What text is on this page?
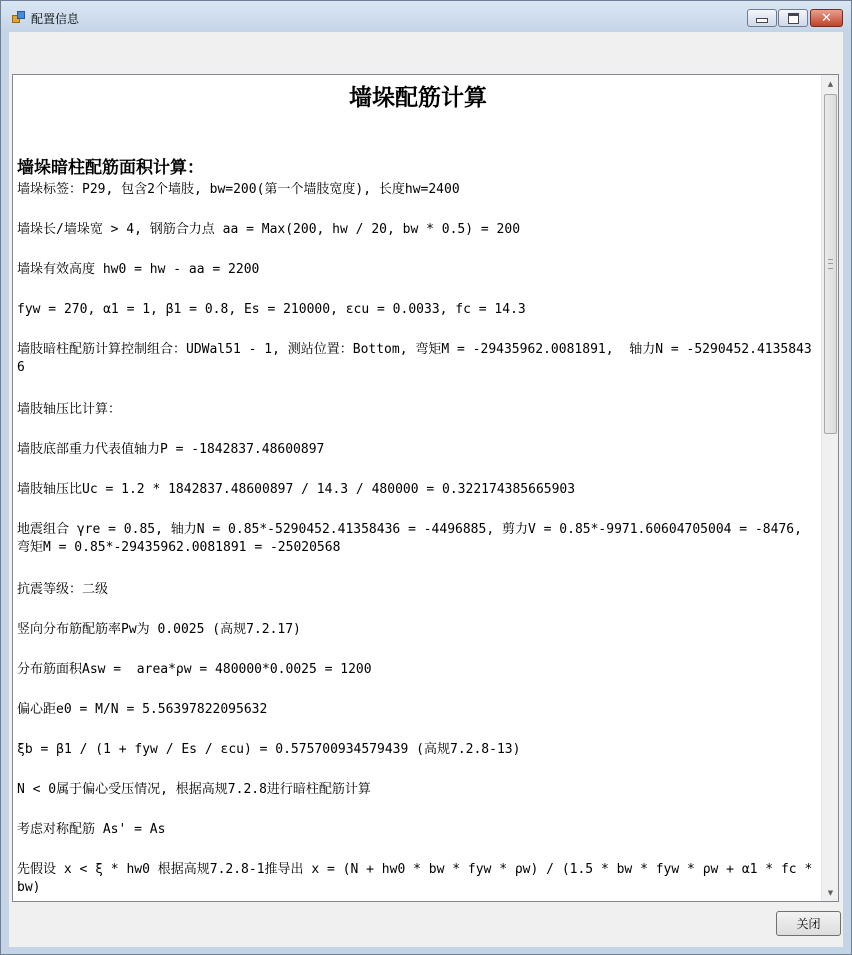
配置信息	✕
墙垛配筋计算
墙垛暗柱配筋面积计算：
墙垛标签：P29, 包含2个墙肢, bw=200(第一个墙肢宽度), 长度hw=2400
墙垛长/墙垛宽 > 4, 钢筋合力点 aa = Max(200, hw / 20, bw * 0.5) = 200
墙垛有效高度 hw0 = hw - aa = 2200
fyw = 270, α1 = 1, β1 = 0.8, Es = 210000, εcu = 0.0033, fc = 14.3
墙肢暗柱配筋计算控制组合：UDWal51 - 1, 测站位置：Bottom, 弯矩M = -29435962.0081891,  轴力N = -5290452.41358436
墙肢轴压比计算：
墙肢底部重力代表值轴力P = -1842837.48600897
墙肢轴压比Uc = 1.2 * 1842837.48600897 / 14.3 / 480000 = 0.322174385665903
地震组合 γre = 0.85, 轴力N = 0.85*-5290452.41358436 = -4496885, 剪力V = 0.85*-9971.60604705004 = -8476, 弯矩M = 0.85*-29435962.0081891 = -25020568
抗震等级：二级
竖向分布筋配筋率Pw为 0.0025 (高规7.2.17)
分布筋面积Asw =  area*ρw = 480000*0.0025 = 1200
偏心距e0 = M/N = 5.56397822095632
ξb = β1 / (1 + fyw / Es / εcu) = 0.575700934579439 (高规7.2.8-13)
N < 0属于偏心受压情况, 根据高规7.2.8进行暗柱配筋计算
考虑对称配筋 As' = As
先假设 x < ξ * hw0 根据高规7.2.8-1推导出 x = (N + hw0 * bw * fyw * ρw) / (1.5 * bw * fyw * ρw + α1 * fc * bw)
▲
▼
关闭
